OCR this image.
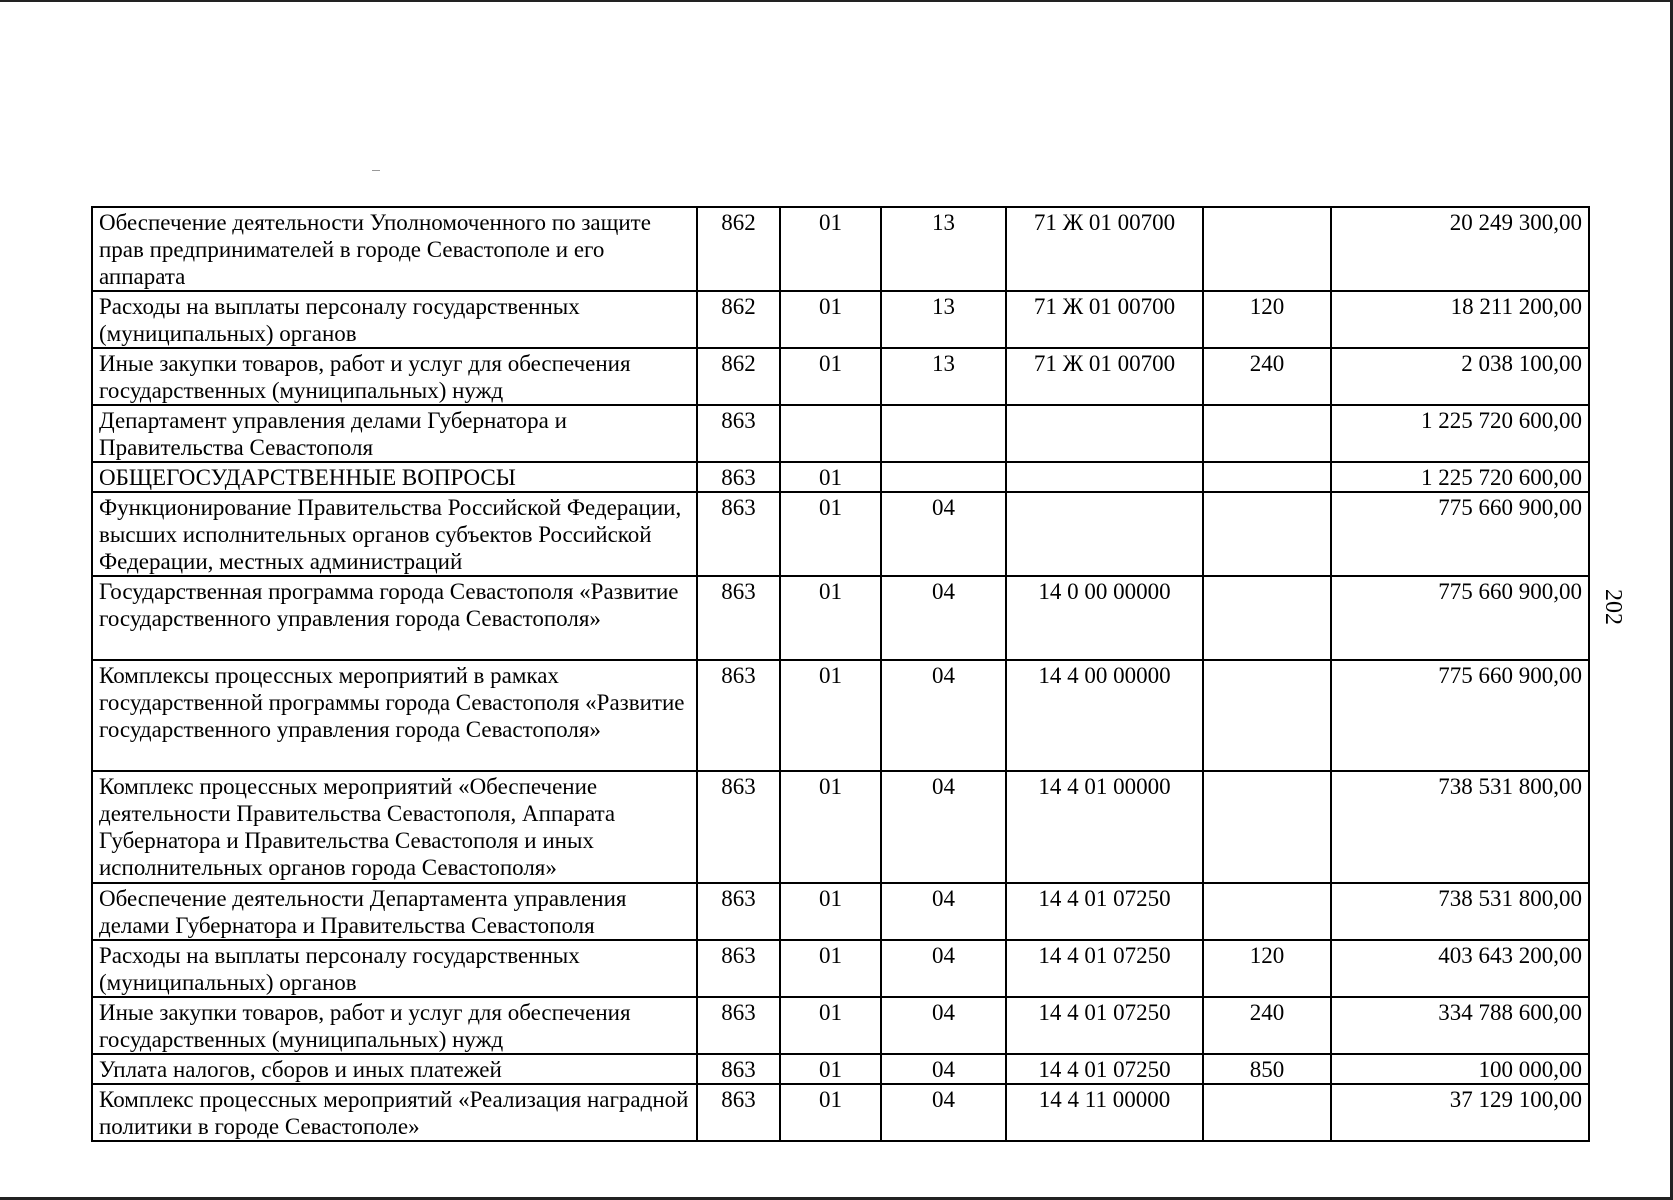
Обеспечение деятельности Уполномоченного по защите прав предпринимателей в городе Севастополе и его аппарата	862	01	13	71 Ж 01 00700		20 249 300,00
Расходы на выплаты персоналу государственных (муниципальных) органов	862	01	13	71 Ж 01 00700	120	18 211 200,00
Иные закупки товаров, работ и услуг для обеспечения государственных (муниципальных) нужд	862	01	13	71 Ж 01 00700	240	2 038 100,00
Департамент управления делами Губернатора и Правительства Севастополя	863					1 225 720 600,00
ОБЩЕГОСУДАРСТВЕННЫЕ ВОПРОСЫ	863	01				1 225 720 600,00
Функционирование Правительства Российской Федерации, высших исполнительных органов субъектов Российской Федерации, местных администраций	863	01	04			775 660 900,00
Государственная программа города Севастополя «Развитие государственного управления города Севастополя»	863	01	04	14 0 00 00000		775 660 900,00
Комплексы процессных мероприятий в рамках государственной программы города Севастополя «Развитие государственного управления города Севастополя»	863	01	04	14 4 00 00000		775 660 900,00
Комплекс процессных мероприятий «Обеспечение деятельности Правительства Севастополя, Аппарата Губернатора и Правительства Севастополя и иных исполнительных органов города Севастополя»	863	01	04	14 4 01 00000		738 531 800,00
Обеспечение деятельности Департамента управления делами Губернатора и Правительства Севастополя	863	01	04	14 4 01 07250		738 531 800,00
Расходы на выплаты персоналу государственных (муниципальных) органов	863	01	04	14 4 01 07250	120	403 643 200,00
Иные закупки товаров, работ и услуг для обеспечения государственных (муниципальных) нужд	863	01	04	14 4 01 07250	240	334 788 600,00
Уплата налогов, сборов и иных платежей	863	01	04	14 4 01 07250	850	100 000,00
Комплекс процессных мероприятий «Реализация наградной политики в городе Севастополе»	863	01	04	14 4 11 00000		37 129 100,00
202
